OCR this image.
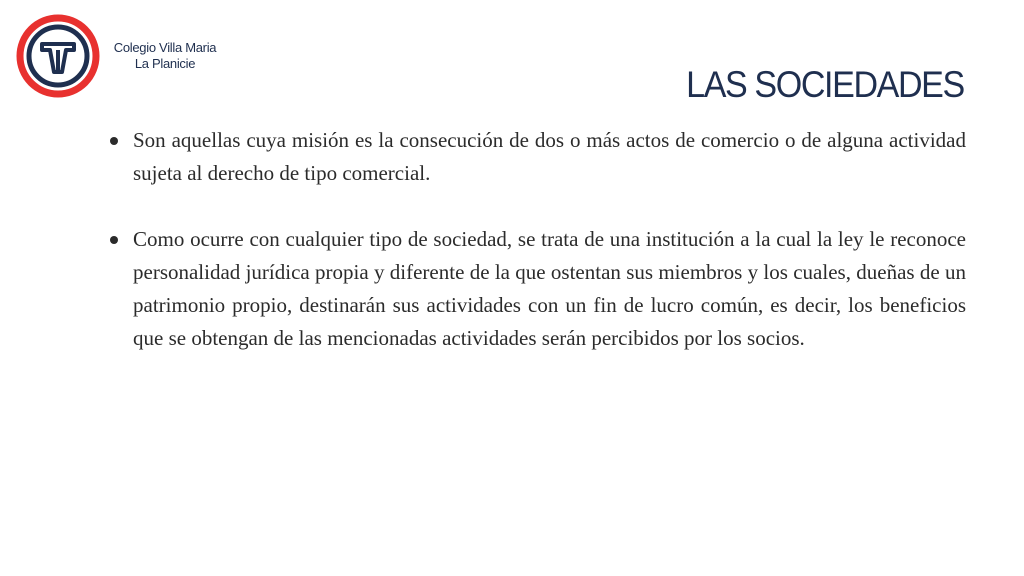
Colegio Villa Maria
La Planicie
LAS SOCIEDADES
Son aquellas cuya misión es la consecución de dos o más actos de comercio o de alguna actividad sujeta al derecho de tipo comercial.
Como ocurre con cualquier tipo de sociedad, se trata de una institución a la cual la ley le reconoce personalidad jurídica propia y diferente de la que ostentan sus miembros y los cuales, dueñas de un patrimonio propio, destinarán sus actividades con un fin de lucro común, es decir, los beneficios que se obtengan de las mencionadas actividades serán percibidos por los socios.
